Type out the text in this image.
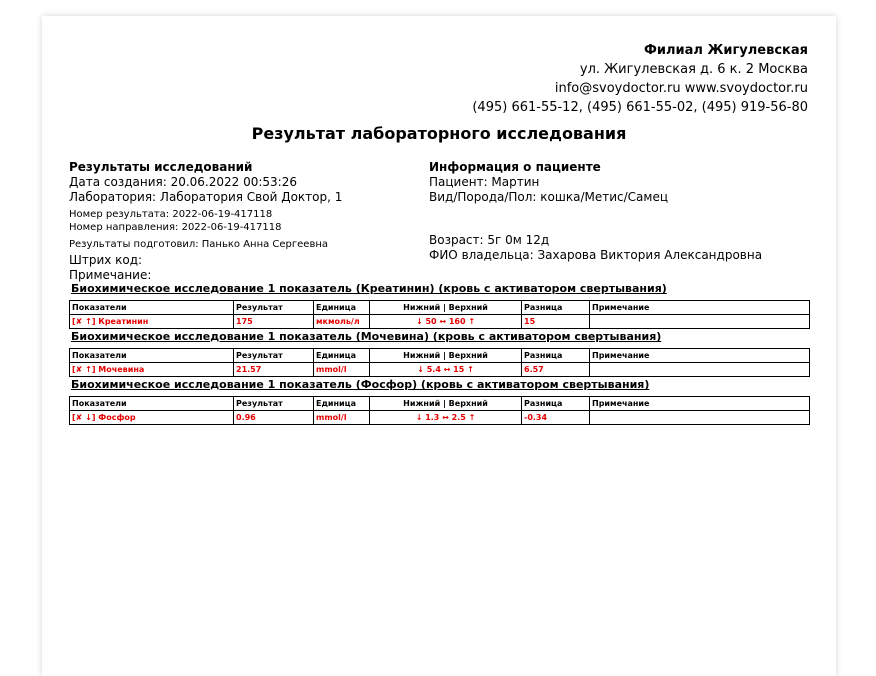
Филиал Жигулевская
ул. Жигулевская д. 6 к. 2 Москва
info@svoydoctor.ru www.svoydoctor.ru
(495) 661-55-12, (495) 661-55-02, (495) 919-56-80
Результат лабораторного исследования
Результаты исследований
Дата создания: 20.06.2022 00:53:26
Лаборатория: Лаборатория Свой Доктор, 1
Номер результата: 2022-06-19-417118
Номер направления: 2022-06-19-417118
Результаты подготовил: Панько Анна Сергеевна
Штрих код:
Примечание:
Информация о пациенте
Пациент: Мартин
Вид/Порода/Пол: кошка/Метис/Самец
Возраст: 5г 0м 12д
ФИО владельца: Захарова Виктория Александровна
Биохимическое исследование 1 показатель (Креатинин) (кровь с активатором свертывания)
Показатели	Результат	Единица	Нижний | Верхний	Разница	Примечание
[✘ ↑] Креатинин	175	мкмоль/л	↓ 50 ↔ 160 ↑	15	
Биохимическое исследование 1 показатель (Мочевина) (кровь с активатором свертывания)
Показатели	Результат	Единица	Нижний | Верхний	Разница	Примечание
[✘ ↑] Мочевина	21.57	mmol/l	↓ 5.4 ↔ 15 ↑	6.57	
Биохимическое исследование 1 показатель (Фосфор) (кровь с активатором свертывания)
Показатели	Результат	Единица	Нижний | Верхний	Разница	Примечание
[✘ ↓] Фосфор	0.96	mmol/l	↓ 1.3 ↔ 2.5 ↑	-0.34	
